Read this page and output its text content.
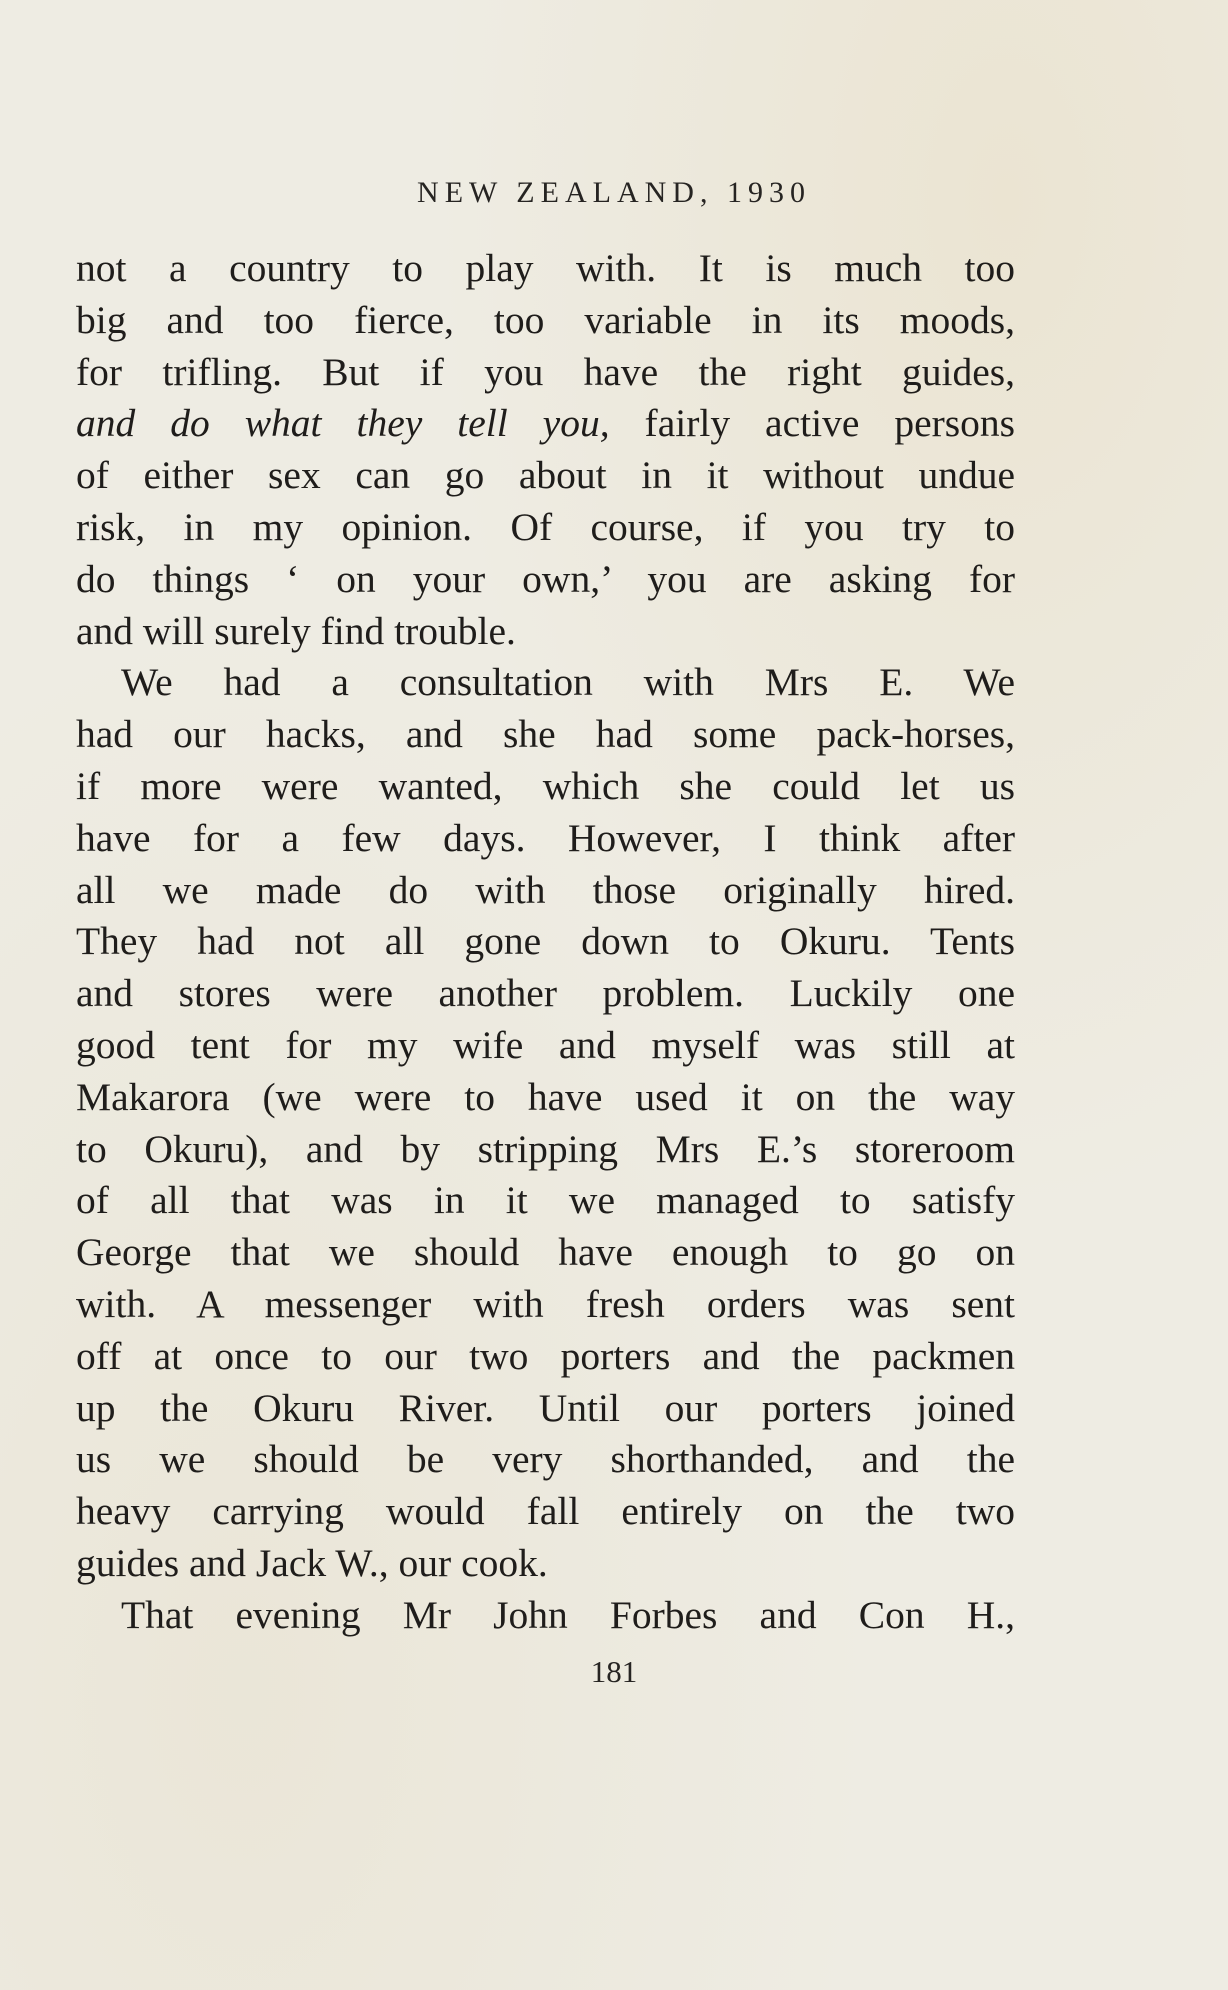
NEW ZEALAND, 1930
not a country to play with. It is much too
big and too fierce, too variable in its moods,
for trifling. But if you have the right guides,
and do what they tell you, fairly active persons
of either sex can go about in it without undue
risk, in my opinion. Of course, if you try to
do things ‘ on your own,’ you are asking for
and will surely find trouble.
We had a consultation with Mrs E. We
had our hacks, and she had some pack-horses,
if more were wanted, which she could let us
have for a few days. However, I think after
all we made do with those originally hired.
They had not all gone down to Okuru. Tents
and stores were another problem. Luckily one
good tent for my wife and myself was still at
Makarora (we were to have used it on the way
to Okuru), and by stripping Mrs E.’s storeroom
of all that was in it we managed to satisfy
George that we should have enough to go on
with. A messenger with fresh orders was sent
off at once to our two porters and the packmen
up the Okuru River. Until our porters joined
us we should be very shorthanded, and the
heavy carrying would fall entirely on the two
guides and Jack W., our cook.
That evening Mr John Forbes and Con H.,
181
